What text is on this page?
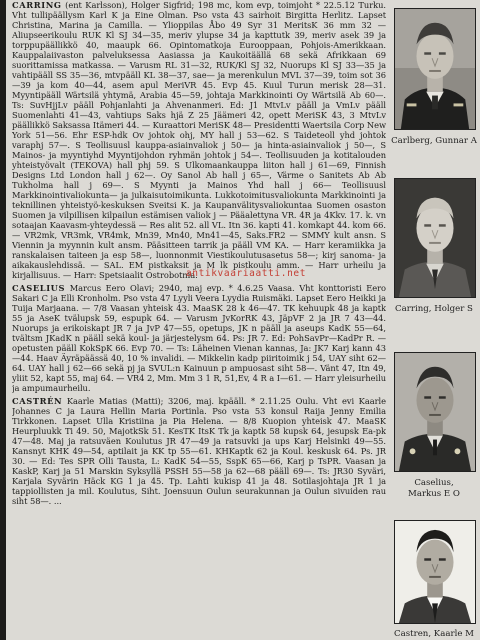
CARRING (ent Karlsson), Holger Sigfrid; 198 mc, kom evp, toimjoht * 22.5.12 Turku. Vht tullipäällysm Karl K ja Eine Olman. Pso vsta 43 sairhoit Birgitta Herlitz. Lapset Christina, Marina ja Camilla. — Ylioppilas Åbo 49 Syr 31 MeritsK 36 mm 32 — Aliupseerikoulu RUK Kl SJ 34—35, meriv ylupse 34 ja kapttutk 39, meriv asek 39 ja torppupäällikkö 40, maaupk 66. Opintomatkoja Eurooppaan, Pohjois-Amerikkaan. Kauppalaiivaston palveluksessa Aasiassa ja Kaukoitäällä 68 sekä Afrikkaan 69 suorittamissa matkassa. — Varusm RL 31—32, RUK/Kl SJ 32, Nuorups Kl SJ 33—35 ja vahtipääll SS 35—36, mtvpääll KL 38—37, sae— ja merenkulun MVL 37—39, toim sot 36—39 ja kom 40—44, asem apul MeriVR 45. Evp 45. Kuul Turun merisk 28—31. Myyntipääll Wärtsilä yhtymä, Arabia 45—59, johtaja Markkinointi Oy Wärtsilä Ab 60—. Ts: SuvHjjLv pääll Pohjanlahti ja Ahvenanmeri. Ed: J1 MtvLv pääll ja VmLv pääll Suomenlahti 41—43, vahtiups Saks hjä Z 25 Jäämeri 42, opett MeriSK 43, 3 MtvLv päällikkö Saksassa Itämeri 44. — Kuraattori MeriSK 48— Presidentti Waertsila Corp New York 51—56. Ehr ESP-hdk Ov johtok ohj, MY hall j 53—62. S Taideteoll yhd johtok varaphj 57—. S Teollisuusl kauppa-asiainvaliok j 50— ja hinta-asiainvaliok j 50—, S Mainos- ja myyntiyhd Myyntijohdon ryhmän johtok j 54—. Teollisuuden ja kotitalouden yhteistyövalt (TEKOVA) hall phj 59. S Ulkomaankauppa liiton hall j 61—69, Finnish Designs Ltd London hall j 62—. Oy Sanol Ab hall j 65—, Värme o Sanitets Ab Ab Tukholma hall j 69—. S Myynti ja Mainos Yhd hall j 66— Teollisuusl Markkinointivaliokunta— ja julkaisutoimikunta. Lukkotoimitusvaliokunta Markkinointi ja teknillinen yhteistyö-keskuksen Sveitsi K. ja Kaupanvälitysvaliokuntaa Suomen osaston Suomen ja vilpillisen kilpailun estämisen valiok j — Pääalettyna VR. 4R ja 4Kkv. 17. k. vn sotaajan Kaavasm-yhteydessä — Res alit 52. all VL. Itn 36. kapti 41. komkapt 44. kom 66. — VR2mk, VR3mk, VR4mk, Mn39, Mn40, Mn41—45, Saks.FR2 — SMMY kult ansn. S Viennin ja myynnin kult ansm. Pääsitteen tarrik ja pääll VM KA. — Harr keramiikka ja ranskalaisen taiteen ja esp 58—, luonnonmit Viestikoulutusasetus 58—; kirj sanoma- ja aikakauslehdissä. — SAL. EM pistkaksit ja M lk pistkoulu amm. — Harr urheilu ja kirjallisuus. — Harr: Spetsiaalit Ostrobotnia.

CASELIUS Marcus Eero Olavi; 2940, maj evp. * 4.6.25 Vaasa. Vht konttoristi Eero Sakari C ja Elli Kronholm. Pso vsta 47 Lyyli Veera Lyydia Ruismäki. Lapset Eero Heikki ja Tuija Marjaana. — 7/8 Vaasan yhteisk 43. MaaSK 28 k 46—47. TK kehuupk 48 ja kaptk 55 ja AseK tvälupsk 59, espupk 64. — Varusm JvKorRK 43, JäpVF 2 ja JR 7 43—44. Nuorups ja erikoiskapt JR 7 ja JvP 47—55, opetups, JK n pääll ja aseups KadK 55—64, tvältsm JKadK n pääll sekä koul- ja järjestelysm 64. Ps: JR 7. Ed: PohSavPr—KadPr R. — opetusten pääll KokSpK 66. Evp 70. — Ts: Läheinen Vienan kannas, Ja: JK7 Karj kann 43—44. Haav Äyräpäässä 40, 10 % invalidi. — Mikkelin kadp piiritoimik j 54, UAY siht 62—64. UAY hall j 62—66 sekä pj ja SVUL:n Kainuun p ampuosast siht 58—. Vänt 47, Itn 49, yliit 52, kapt 55, maj 64. — VR4 2, Mm. Mm 3 1 R, 51,Ev, 4 R a I—61. — Harr yleisurheilu ja ampumaurheilu.

CASTRÉN Kaarle Matias (Matti); 3206, maj. kpääll. * 2.11.25 Oulu. Vht evi Kaarle Johannes C ja Laura Hellin Maria Portinla. Pso vsta 53 konsul Raija Jenny Emilia Tirkkonen. Lapset Ulla Kristiina ja Pia Helena. — 8/8 Kuopion yhteisk 47. MaaSK Heurpluukk Ti 49. 50, MajotkSk 51. KesTK ItsK Tk ja kaptk 58 kupsk 64, jesupsk Ea-pk 47—48. Maj ja ratsuväen Koulutus JR 47—49 ja ratsuvki ja ups Karj Helsinki 49—55. Kansnyt KHK 49—54, aptilait ja KK tp 55—61. KHKaptk 62 ja Koul. keskusk 64. Ps. JR 30. — Ed: Tes SPR Olli Tausta, L: KadK 54—55, SspK 65—66, Karj p TsPR. Vaasan ja KaskP, Karj ja 51 Marskin Syksyllä PSSH 55—58 ja 62—68 pääll 69—. Ts: JR30 Syväri, Karjala Syvärin Häck KG 1 ja 45. Tp. Lahti kukisp 41 ja 48. Sotilasjohtaja JR 1 ja tappiollisten ja mil. Koulutus, Siht. Joensuun Oulun seurakunnan ja Oulun sivuiden rau siht 58—. ...

antikvaariaatti.net
Carlberg, Gunnar A
Carring, Holger S
Caselius,
Markus E O
Castren, Kaarle M
